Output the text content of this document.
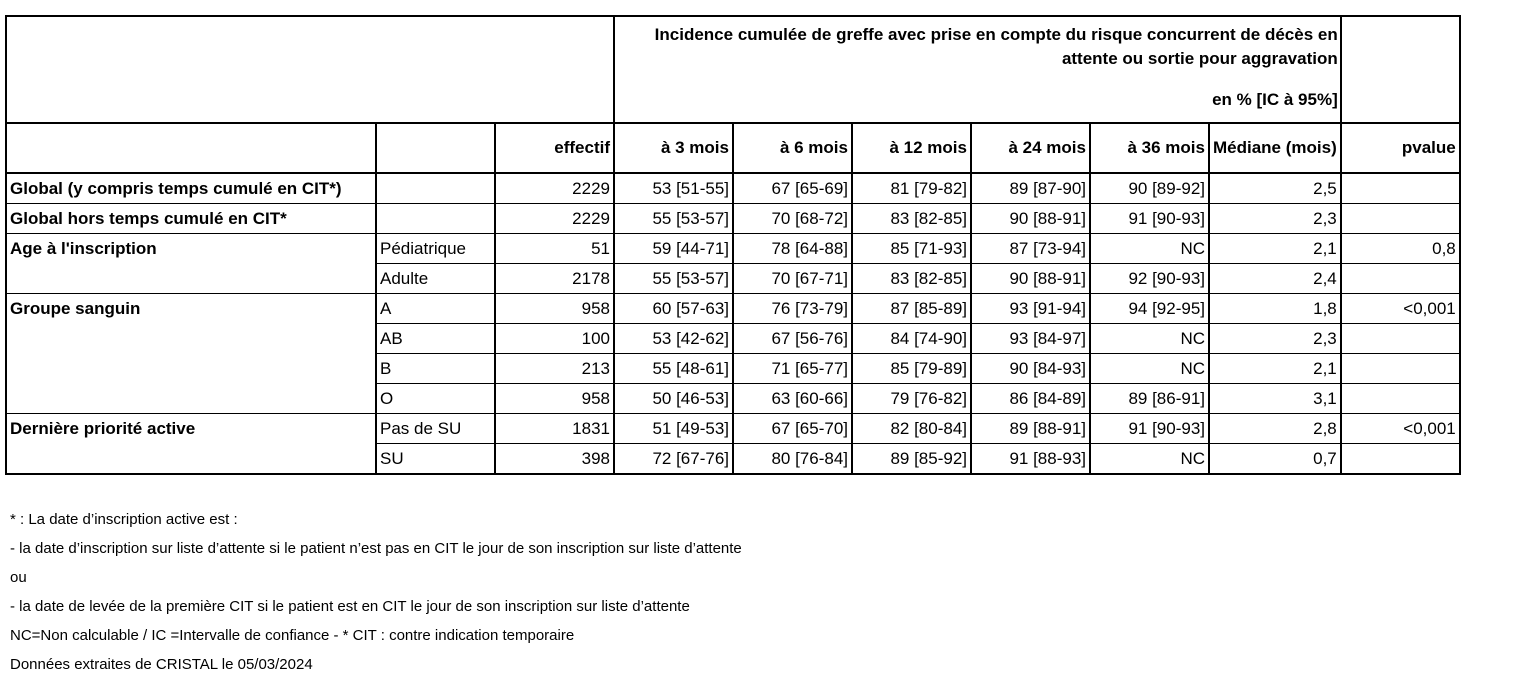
			Incidence cumulée de greffe avec prise en compte du risque concurrent de décès en attente ou sortie pour aggravation
en % [IC à 95%]						

		effectif	à 3 mois	à 6 mois	à 12 mois	à 24 mois	à 36 mois	Médiane (mois)	pvalue
Global (y compris temps cumulé en CIT*)		2229	53 [51-55]	67 [65-69]	81 [79-82]	89 [87-90]	90 [89-92]	2,5	
Global hors temps cumulé en CIT*		2229	55 [53-57]	70 [68-72]	83 [82-85]	90 [88-91]	91 [90-93]	2,3	
Age à l'inscription	Pédiatrique	51	59 [44-71]	78 [64-88]	85 [71-93]	87 [73-94]	NC	2,1	0,8
	Adulte	2178	55 [53-57]	70 [67-71]	83 [82-85]	90 [88-91]	92 [90-93]	2,4	
Groupe sanguin	A	958	60 [57-63]	76 [73-79]	87 [85-89]	93 [91-94]	94 [92-95]	1,8	<0,001
	AB	100	53 [42-62]	67 [56-76]	84 [74-90]	93 [84-97]	NC	2,3	
	B	213	55 [48-61]	71 [65-77]	85 [79-89]	90 [84-93]	NC	2,1	
	O	958	50 [46-53]	63 [60-66]	79 [76-82]	86 [84-89]	89 [86-91]	3,1	
Dernière priorité active	Pas de SU	1831	51 [49-53]	67 [65-70]	82 [80-84]	89 [88-91]	91 [90-93]	2,8	<0,001
	SU	398	72 [67-76]	80 [76-84]	89 [85-92]	91 [88-93]	NC	0,7	
* : La date d’inscription active est :
- la date d’inscription sur liste d’attente si le patient n’est pas en CIT le jour de son inscription sur liste d’attente
ou
- la date de levée de la première CIT si le patient est en CIT le jour de son inscription sur liste d’attente
NC=Non calculable / IC =Intervalle de confiance - * CIT : contre indication temporaire
Données extraites de CRISTAL le 05/03/2024
